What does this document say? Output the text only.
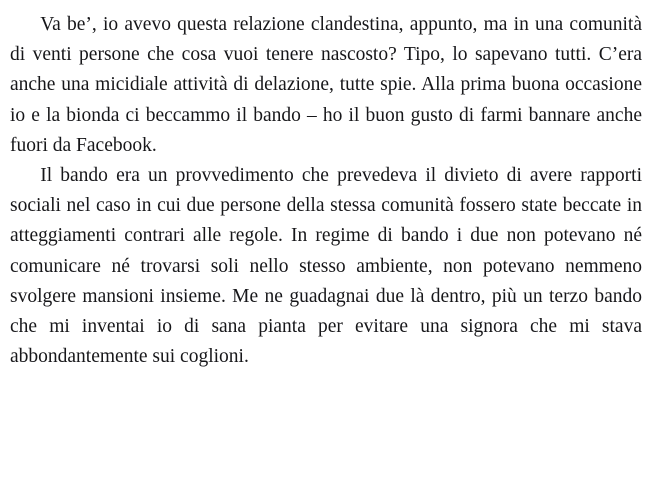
Va be’, io avevo questa relazione clandestina, appunto, ma in una comunità di venti persone che cosa vuoi tenere nascosto? Tipo, lo sapevano tutti. C’era anche una micidiale attività di delazione, tutte spie. Alla prima buona occasione io e la bionda ci beccammo il bando – ho il buon gusto di farmi bannare anche fuori da Facebook.

Il bando era un provvedimento che prevedeva il divieto di avere rapporti sociali nel caso in cui due persone della stessa comunità fossero state beccate in atteggiamenti contrari alle regole. In regime di bando i due non potevano né comunicare né trovarsi soli nello stesso ambiente, non potevano nemmeno svolgere mansioni insieme. Me ne guadagnai due là dentro, più un terzo bando che mi inventai io di sana pianta per evitare una signora che mi stava abbondantemente sui coglioni.
